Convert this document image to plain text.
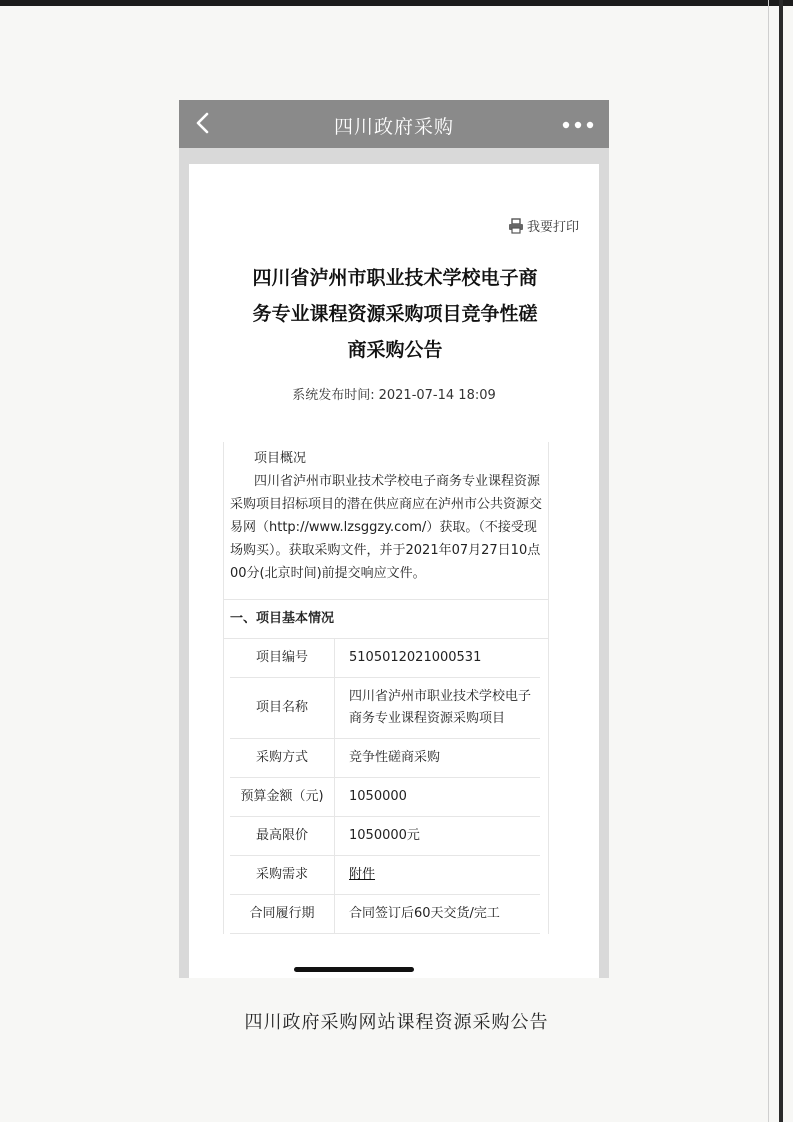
四川政府采购
我要打印
四川省泸州市职业技术学校电子商
务专业课程资源采购项目竞争性磋
商采购公告
系统发布时间: 2021-07-14 18:09
项目概况

四川省泸州市职业技术学校电子商务专业课程资源采购项目招标项目的潜在供应商应在泸州市公共资源交易网（http://www.lzsggzy.com/）获取。（不接受现场购买）。获取采购文件，并于2021年07月27日10点00分(北京时间)前提交响应文件。

一、项目基本情况
项目编号	5105012021000531
项目名称	四川省泸州市职业技术学校电子商务专业课程资源采购项目
采购方式	竞争性磋商采购
预算金额（元)	1050000
最高限价	1050000元
采购需求	附件
合同履行期	合同签订后60天交货/完工
四川政府采购网站课程资源采购公告
